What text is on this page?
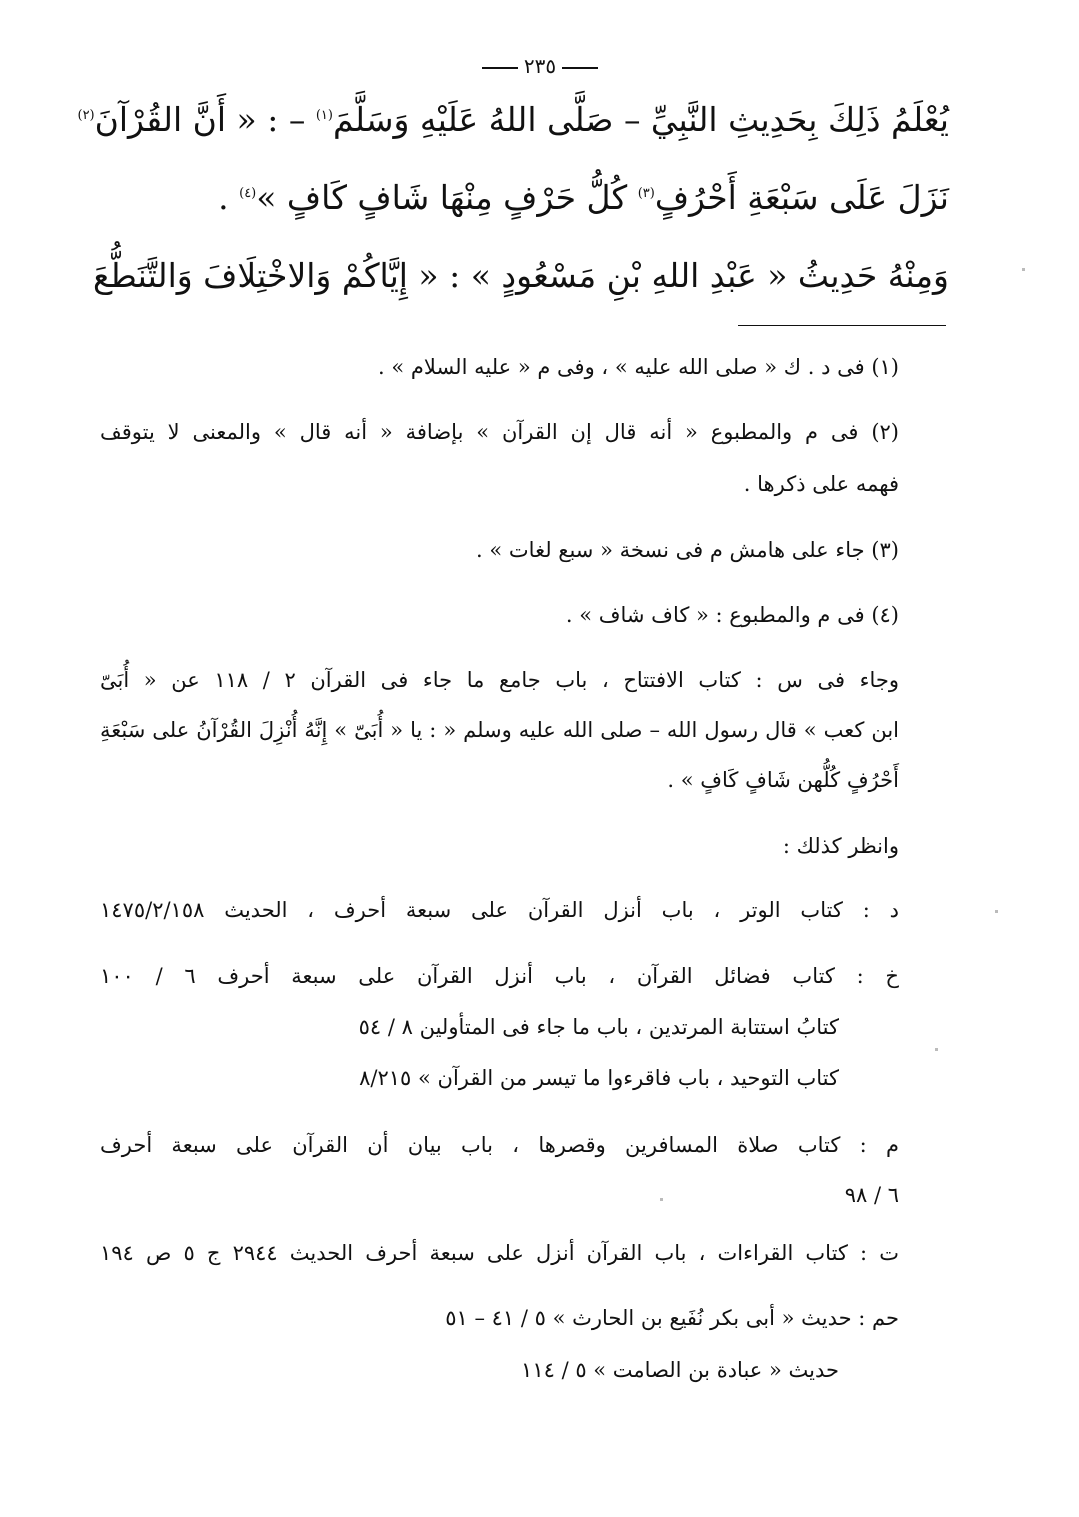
٢٣٥
يُعْلَمُ ذَلِكَ بِحَدِيثِ النَّبِيِّ – صَلَّى اللهُ عَلَيْهِ وَسَلَّمَ$^{(١)}$ – : « أَنَّ القُرْآنَ$^{(٢)}$
نَزَلَ عَلَى سَبْعَةِ أَحْرُفٍ$^{(٣)}$ كُلُّ حَرْفٍ مِنْهَا شَافٍ كَافٍ »$^{(٤)}$ .
وَمِنْهُ حَدِيثُ « عَبْدِ اللهِ بْنِ مَسْعُودٍ » : « إِيَّاكُمْ وَالاخْتِلَافَ وَالتَّنَطُّعَ
(١) فى د . ك « صلى الله عليه » ، وفى م « عليه السلام » .
(٢) فى م والمطبوع « أنه قال إن القرآن » بإضافة « أنه قال » والمعنى لا يتوقف
فهمه على ذكرها .
(٣) جاء على هامش م فى نسخة « سبع لغات » .
(٤) فى م والمطبوع : « كاف شاف » .
وجاء فى س : كتاب الافتتاح ، باب جامع ما جاء فى القرآن ٢ / ١١٨ عن « أُبَىّ
ابن كعب » قال رسول الله – صلى الله عليه وسلم « : يا « أُبَىّ » إِنَّهُ أُنْزِلَ القُرْآنُ على سَبْعَةِ
أَحْرُفٍ كُلُّهن شَافٍ كَافٍ » .
وانظر كذلك :
د : كتاب الوتر ، باب أنزل القرآن على سبعة أحرف ، الحديث ١٤٧٥/٢/١٥٨
خ : كتاب فضائل القرآن ، باب أنزل القرآن على سبعة أحرف ٦ / ١٠٠
كتابُ استتابة المرتدين ، باب ما جاء فى المتأولين ٨ / ٥٤
كتاب التوحيد ، باب فاقرءوا ما تيسر من القرآن » ٨/٢١٥
م : كتاب صلاة المسافرين وقصرها ، باب بيان أن القرآن على سبعة أحرف
٦ / ٩٨
ت : كتاب القراءات ، باب القرآن أنزل على سبعة أحرف الحديث ٢٩٤٤ ج ٥ ص ١٩٤
حم : حديث « أبى بكر نُفَيع بن الحارث » ٥ / ٤١ – ٥١
حديث « عبادة بن الصامت » ٥ / ١١٤
